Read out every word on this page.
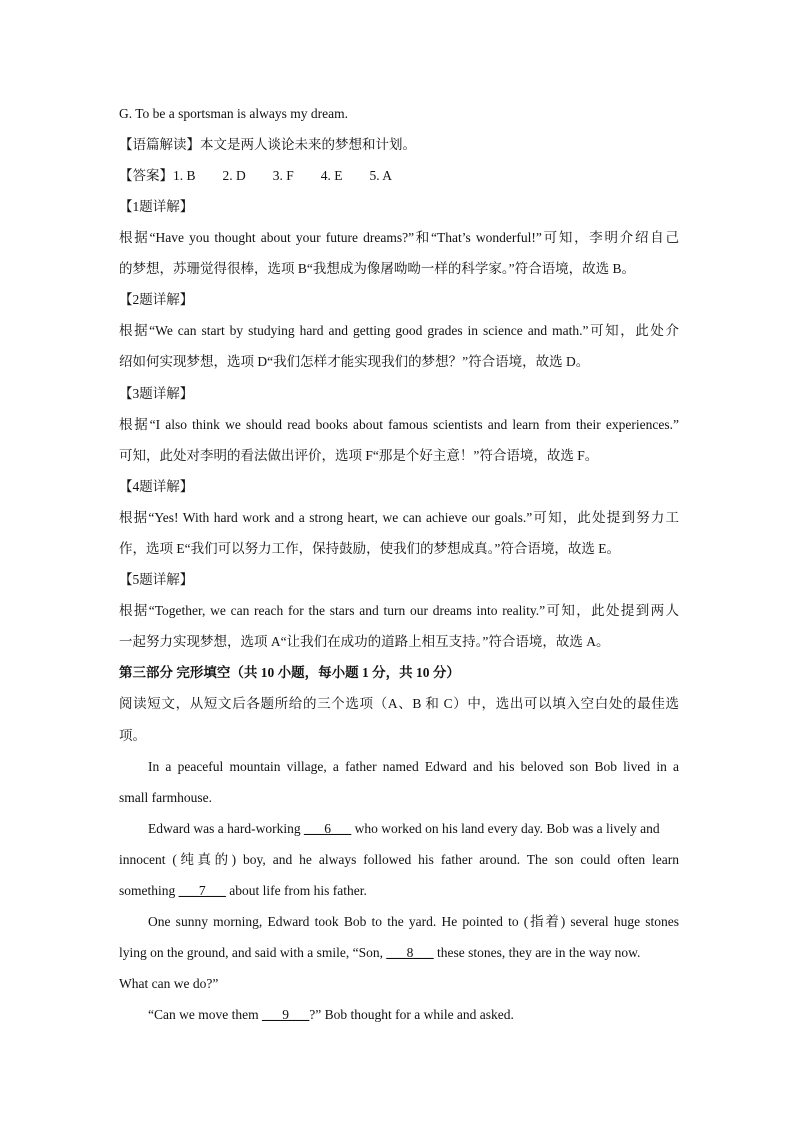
G. To be a sportsman is always my dream.
【语篇解读】本文是两人谈论未来的梦想和计划。
【答案】1. B        2. D        3. F        4. E        5. A
【1题详解】
根据“Have you thought about your future dreams?”和“That’s wonderful!”可知，李明介绍自己
的梦想，苏珊觉得很棒，选项 B“我想成为像屠呦呦一样的科学家。”符合语境，故选 B。
【2题详解】
根据“We can start by studying hard and getting good grades in science and math.”可知，此处介
绍如何实现梦想，选项 D“我们怎样才能实现我们的梦想？”符合语境，故选 D。
【3题详解】
根据“I also think we should read books about famous scientists and learn from their experiences.”
可知，此处对李明的看法做出评价，选项 F“那是个好主意！”符合语境，故选 F。
【4题详解】
根据“Yes! With hard work and a strong heart, we can achieve our goals.”可知，此处提到努力工
作，选项 E“我们可以努力工作，保持鼓励，使我们的梦想成真。”符合语境，故选 E。
【5题详解】
根据“Together, we can reach for the stars and turn our dreams into reality.”可知，此处提到两人
一起努力实现梦想，选项 A“让我们在成功的道路上相互支持。”符合语境，故选 A。
第三部分 完形填空（共 10 小题，每小题 1 分，共 10 分）
阅读短文，从短文后各题所给的三个选项（A、B 和 C）中，选出可以填入空白处的最佳选
项。
In a peaceful mountain village, a father named Edward and his beloved son Bob lived in a
small farmhouse.
Edward was a hard-working ___6___ who worked on his land every day. Bob was a lively and
innocent (纯真的) boy, and he always followed his father around. The son could often learn
something ___7___ about life from his father.
One sunny morning, Edward took Bob to the yard. He pointed to (指着) several huge stones
lying on the ground, and said with a smile, “Son, ___8___ these stones, they are in the way now.
What can we do?”
“Can we move them ___9___?” Bob thought for a while and asked.
